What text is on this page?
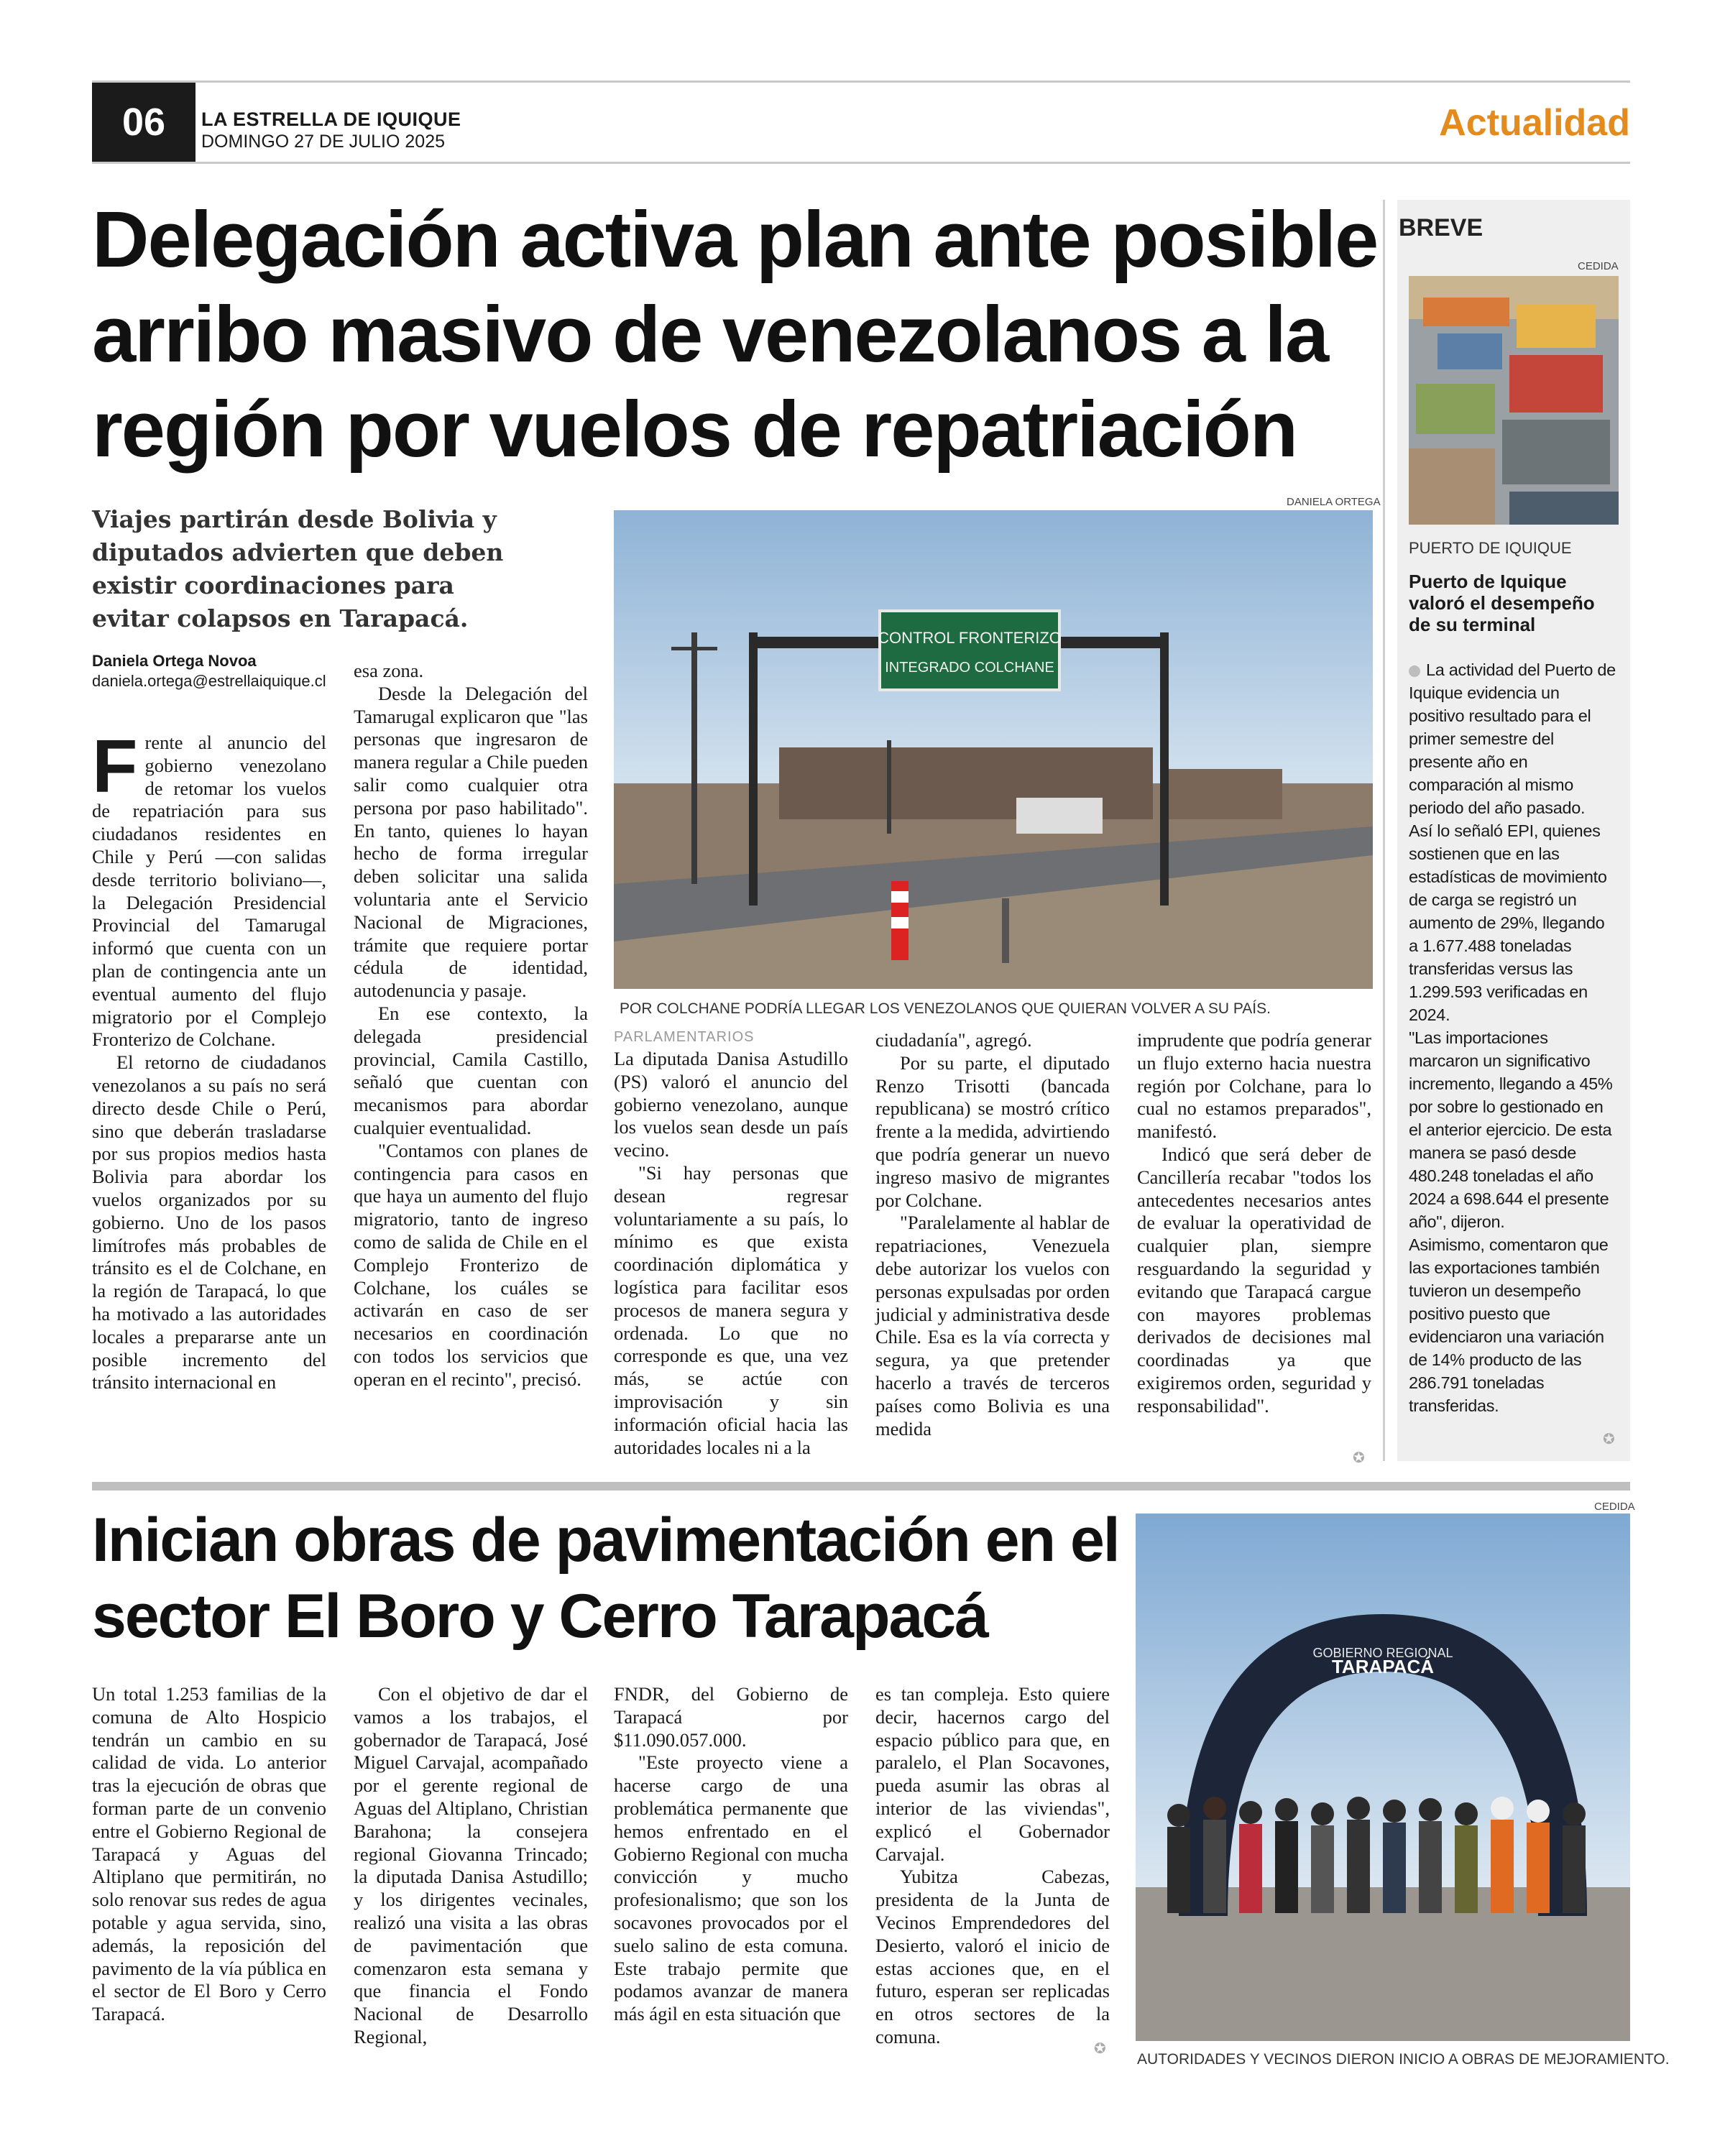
06	LA ESTRELLA DE IQUIQUE
DOMINGO 27 DE JULIO 2025	Actualidad
Delegación activa plan ante posible arribo masivo de venezolanos a la región por vuelos de repatriación
Viajes partirán desde Bolivia y diputados advierten que deben existir coordinaciones para evitar colapsos en Tarapacá.
Daniela Ortega Novoa
daniela.ortega@estrellaiquique.cl

Frente al anuncio del gobierno venezolano de retomar los vuelos de repatriación para sus ciudadanos residentes en Chile y Perú —con salidas desde territorio boliviano—, la Delegación Presidencial Provincial del Tamarugal informó que cuenta con un plan de contingencia ante un eventual aumento del flujo migratorio por el Complejo Fronterizo de Colchane.

El retorno de ciudadanos venezolanos a su país no será directo desde Chile o Perú, sino que deberán trasladarse por sus propios medios hasta Bolivia para abordar los vuelos organizados por su gobierno. Uno de los pasos limítrofes más probables de tránsito es el de Colchane, en la región de Tarapacá, lo que ha motivado a las autoridades locales a prepararse ante un posible incremento del tránsito internacional en

esa zona.

Desde la Delegación del Tamarugal explicaron que "las personas que ingresaron de manera regular a Chile pueden salir como cualquier otra persona por paso habilitado". En tanto, quienes lo hayan hecho de forma irregular deben solicitar una salida voluntaria ante el Servicio Nacional de Migraciones, trámite que requiere portar cédula de identidad, autodenuncia y pasaje.

En ese contexto, la delegada presidencial provincial, Camila Castillo, señaló que cuentan con mecanismos para abordar cualquier eventualidad.

"Contamos con planes de contingencia para casos en que haya un aumento del flujo migratorio, tanto de ingreso como de salida de Chile en el Complejo Fronterizo de Colchane, los cuáles se activarán en caso de ser necesarios en coordinación con todos los servicios que operan en el recinto", precisó.

DANIELA ORTEGA
CONTROL FRONTERIZO
INTEGRADO COLCHANE
POR COLCHANE PODRÍA LLEGAR LOS VENEZOLANOS QUE QUIERAN VOLVER A SU PAÍS.
PARLAMENTARIOS

La diputada Danisa Astudillo (PS) valoró el anuncio del gobierno venezolano, aunque los vuelos sean desde un país vecino.

"Si hay personas que desean regresar voluntariamente a su país, lo mínimo es que exista coordinación diplomática y logística para facilitar esos procesos de manera segura y ordenada. Lo que no corresponde es que, una vez más, se actúe con improvisación y sin información oficial hacia las autoridades locales ni a la

ciudadanía", agregó.

Por su parte, el diputado Renzo Trisotti (bancada republicana) se mostró crítico frente a la medida, advirtiendo que podría generar un nuevo ingreso masivo de migrantes por Colchane.

"Paralelamente al hablar de repatriaciones, Venezuela debe autorizar los vuelos con personas expulsadas por orden judicial y administrativa desde Chile. Esa es la vía correcta y segura, ya que pretender hacerlo a través de terceros países como Bolivia es una medida

imprudente que podría generar un flujo externo hacia nuestra región por Colchane, para lo cual no estamos preparados", manifestó.

Indicó que será deber de Cancillería recabar "todos los antecedentes necesarios antes de evaluar la operatividad de cualquier plan, siempre resguardando la seguridad y evitando que Tarapacá cargue con mayores problemas derivados de decisiones mal coordinadas ya que exigiremos orden, seguridad y responsabilidad".

✪
BREVE
CEDIDA
PUERTO DE IQUIQUE
Puerto de Iquique valoró el desempeño de su terminal

La actividad del Puerto de Iquique evidencia un positivo resultado para el primer semestre del presente año en comparación al mismo periodo del año pasado.

Así lo señaló EPI, quienes sostienen que en las estadísticas de movimiento de carga se registró un aumento de 29%, llegando a 1.677.488 toneladas transferidas versus las 1.299.593 verificadas en 2024.

"Las importaciones marcaron un significativo incremento, llegando a 45% por sobre lo gestionado en el anterior ejercicio. De esta manera se pasó desde 480.248 toneladas el año 2024 a 698.644 el presente año", dijeron.

Asimismo, comentaron que las exportaciones también tuvieron un desempeño positivo puesto que evidenciaron una variación de 14% producto de las 286.791 toneladas transferidas.

✪
Inician obras de pavimentación en el sector El Boro y Cerro Tarapacá

Un total 1.253 familias de la comuna de Alto Hospicio tendrán un cambio en su calidad de vida. Lo anterior tras la ejecución de obras que forman parte de un convenio entre el Gobierno Regional de Tarapacá y Aguas del Altiplano que permitirán, no solo renovar sus redes de agua potable y agua servida, sino, además, la reposición del pavimento de la vía pública en el sector de El Boro y Cerro Tarapacá.

Con el objetivo de dar el vamos a los trabajos, el gobernador de Tarapacá, José Miguel Carvajal, acompañado por el gerente regional de Aguas del Altiplano, Christian Barahona; la consejera regional Giovanna Trincado; la diputada Danisa Astudillo; y los dirigentes vecinales, realizó una visita a las obras de pavimentación que comenzaron esta semana y que financia el Fondo Nacional de Desarrollo Regional,

FNDR, del Gobierno de Tarapacá por $11.090.057.000.

"Este proyecto viene a hacerse cargo de una problemática permanente que hemos enfrentado en el Gobierno Regional con mucha convicción y mucho profesionalismo; que son los socavones provocados por el suelo salino de esta comuna. Este trabajo permite que podamos avanzar de manera más ágil en esta situación que

es tan compleja. Esto quiere decir, hacernos cargo del espacio público para que, en paralelo, el Plan Socavones, pueda asumir las obras al interior de las viviendas", explicó el Gobernador Carvajal.

Yubitza Cabezas, presidenta de la Junta de Vecinos Emprendedores del Desierto, valoró el inicio de estas acciones que, en el futuro, esperan ser replicadas en otros sectores de la comuna.

✪
CEDIDA
GOBIERNO REGIONAL
TARAPACÁ
AUTORIDADES Y VECINOS DIERON INICIO A OBRAS DE MEJORAMIENTO.
